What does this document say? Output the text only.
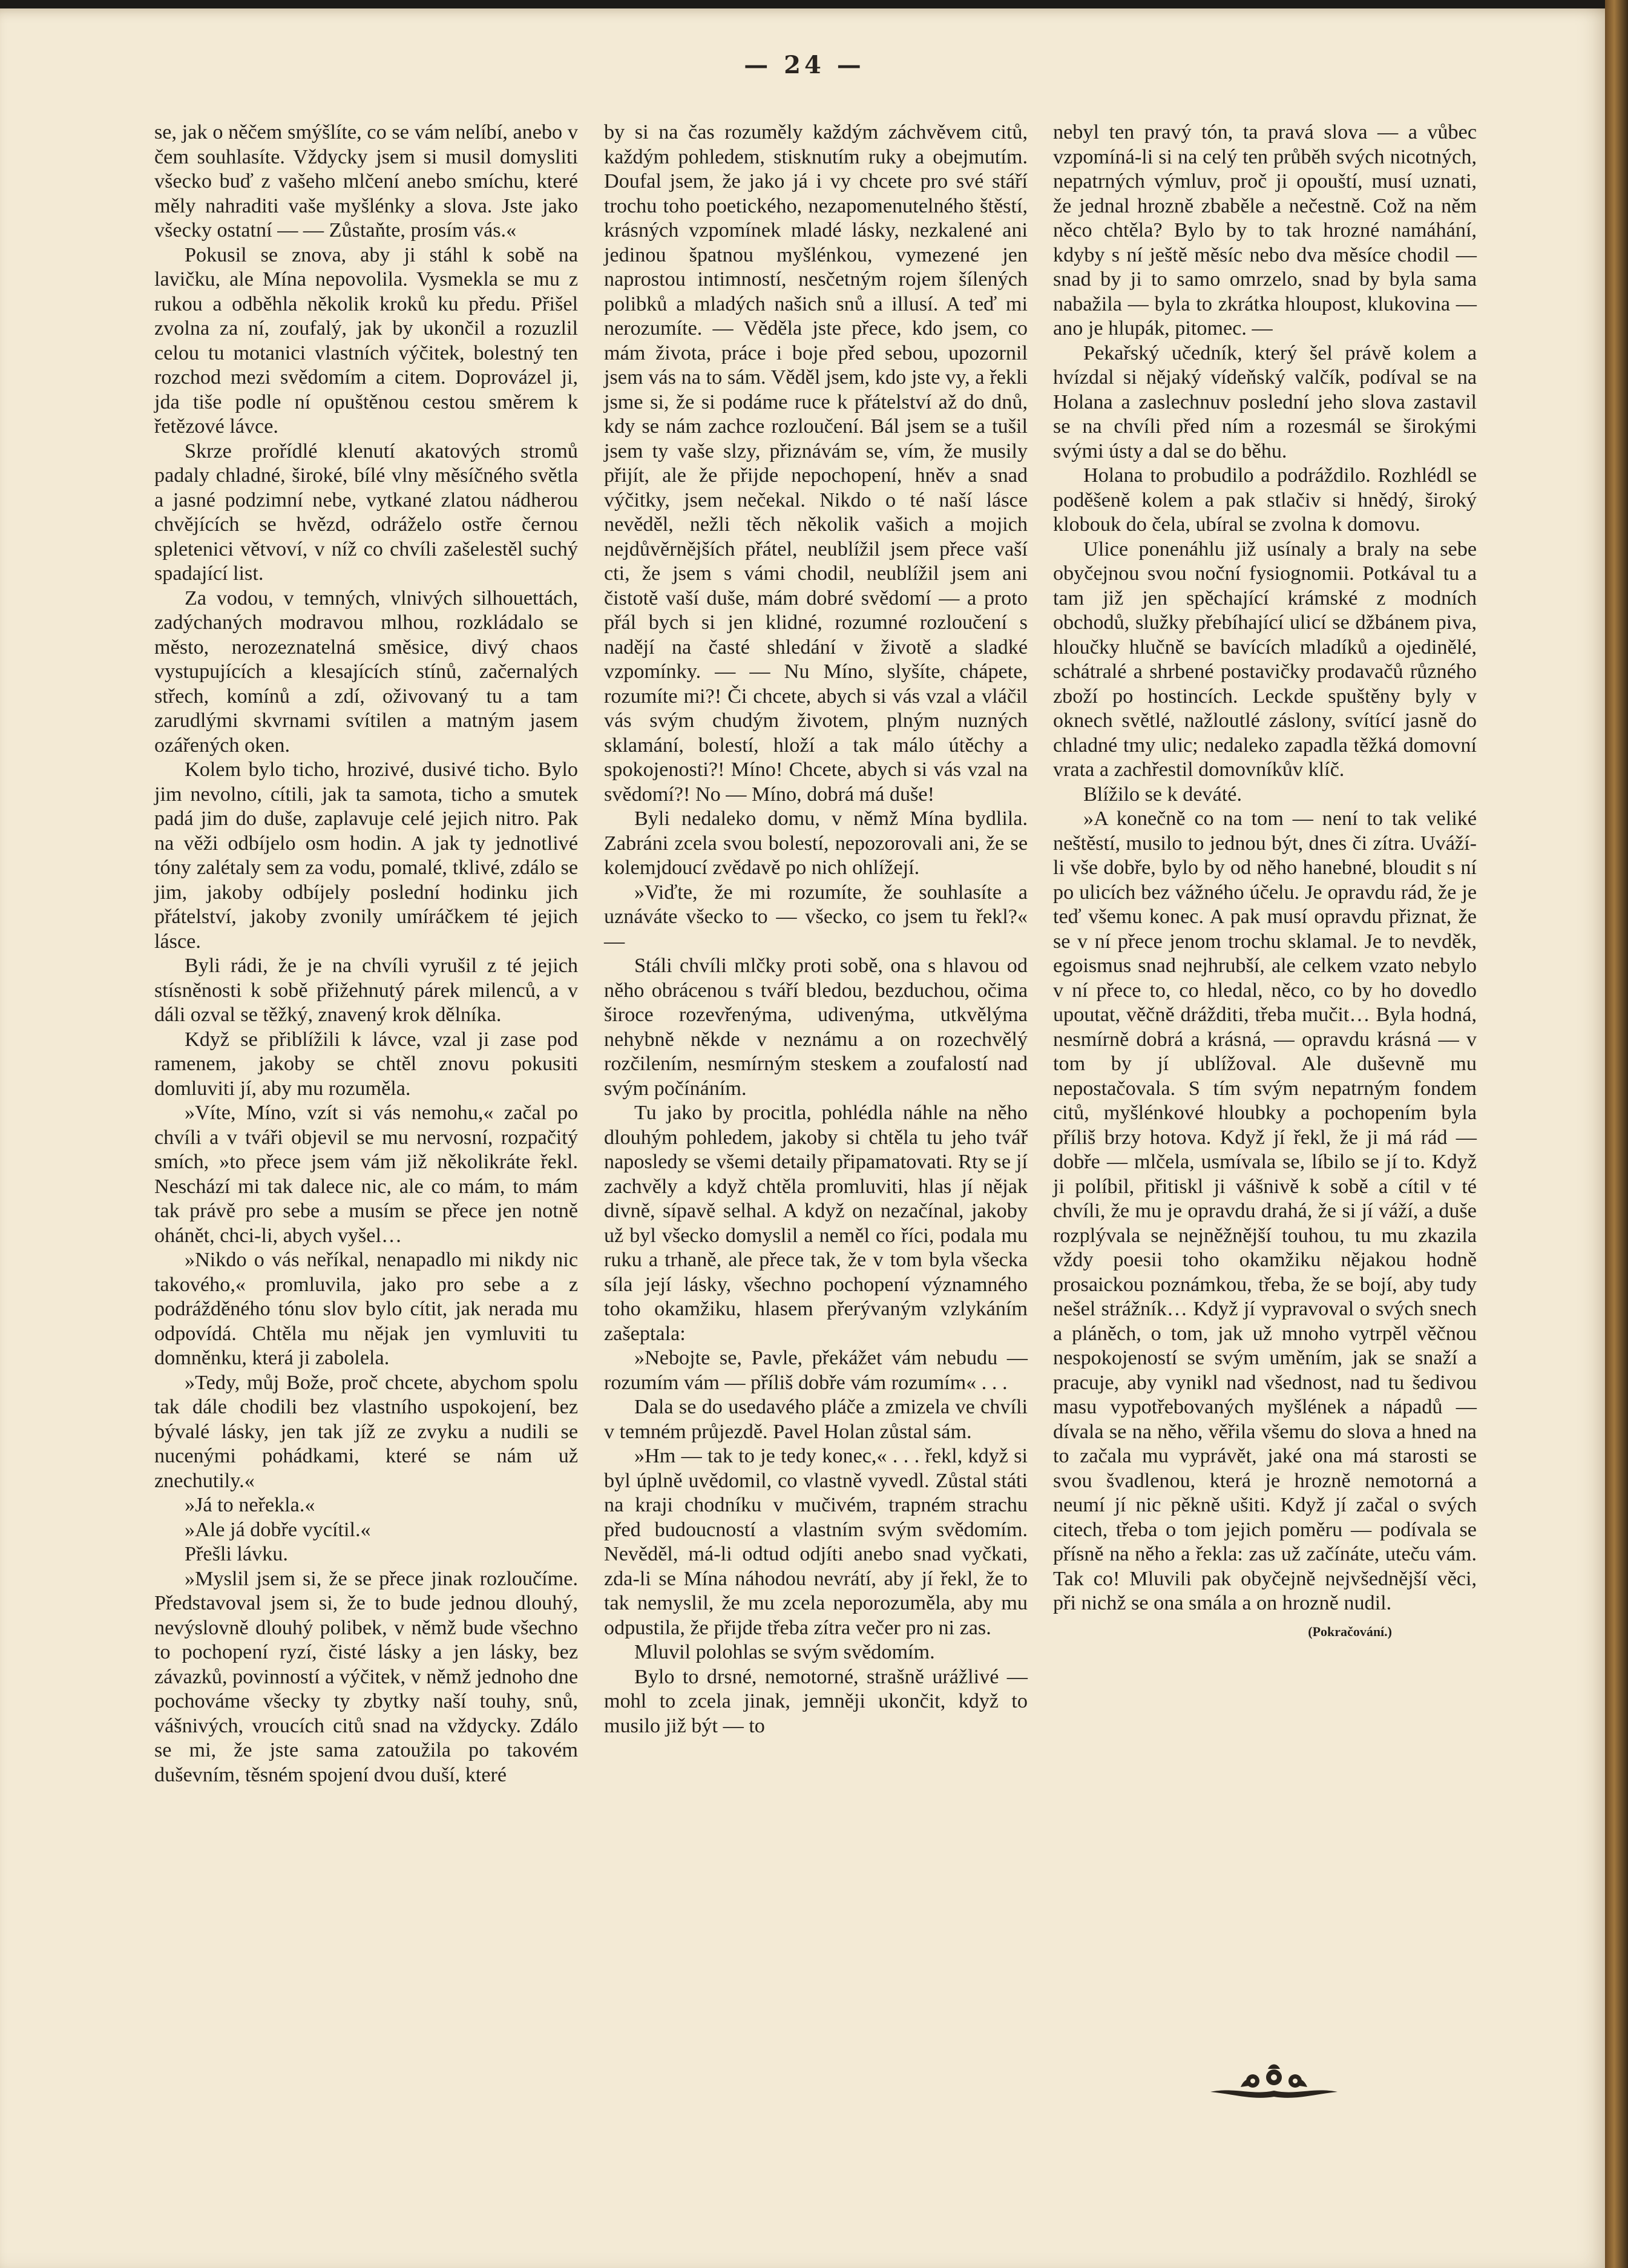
— 24 —

se, jak o něčem smýšlíte, co se vám nelíbí, anebo v čem souhlasíte. Vždycky jsem si musil domysliti všecko buď z vašeho mlčení anebo smíchu, které měly nahraditi vaše myšlénky a slova. Jste jako všecky ostatní — — Zůstaňte, prosím vás.«

Pokusil se znova, aby ji stáhl k sobě na lavičku, ale Mína nepovolila. Vysmekla se mu z rukou a odběhla několik kroků ku předu. Přišel zvolna za ní, zoufalý, jak by ukončil a rozuzlil celou tu motanici vlastních výčitek, bolestný ten rozchod mezi svědomím a citem. Doprovázel ji, jda tiše podle ní opuštěnou cestou směrem k řetězové lávce.

Skrze prořídlé klenutí akatových stromů padaly chladné, široké, bílé vlny měsíčného světla a jasné podzimní nebe, vytkané zlatou nádherou chvějících se hvězd, odráželo ostře černou spletenici větvoví, v níž co chvíli zašelestěl suchý spadající list.

Za vodou, v temných, vlnivých silhouettách, zadýchaných modravou mlhou, rozkládalo se město, nerozeznatelná směsice, divý chaos vystupujících a klesajících stínů, začernalých střech, komínů a zdí, oživovaný tu a tam zarudlými skvrnami svítilen a matným jasem ozářených oken.

Kolem bylo ticho, hrozivé, dusivé ticho. Bylo jim nevolno, cítili, jak ta samota, ticho a smutek padá jim do duše, zaplavuje celé jejich nitro. Pak na věži odbíjelo osm hodin. A jak ty jednotlivé tóny zalétaly sem za vodu, pomalé, tklivé, zdálo se jim, jakoby odbíjely poslední hodinku jich přátelství, jakoby zvonily umíráčkem té jejich lásce.

Byli rádi, že je na chvíli vyrušil z té jejich stísněnosti k sobě přižehnutý párek milenců, a v dáli ozval se těžký, znavený krok dělníka.

Když se přiblížili k lávce, vzal ji zase pod ramenem, jakoby se chtěl znovu pokusiti domluviti jí, aby mu rozuměla.

»Víte, Míno, vzít si vás nemohu,« začal po chvíli a v tváři objevil se mu nervosní, rozpačitý smích, »to přece jsem vám již několikráte řekl. Neschází mi tak dalece nic, ale co mám, to mám tak právě pro sebe a musím se přece jen notně ohánět, chci-li, abych vyšel…

»Nikdo o vás neříkal, nenapadlo mi nikdy nic takového,« promluvila, jako pro sebe a z podrážděného tónu slov bylo cítit, jak nerada mu odpovídá. Chtěla mu nějak jen vymluviti tu domněnku, která ji zabolela.

»Tedy, můj Bože, proč chcete, abychom spolu tak dále chodili bez vlastního uspokojení, bez bývalé lásky, jen tak jíž ze zvyku a nudili se nucenými pohádkami, které se nám už znechutily.«

»Já to neřekla.«

»Ale já dobře vycítil.«

Přešli lávku.

»Myslil jsem si, že se přece jinak rozloučíme. Představoval jsem si, že to bude jednou dlouhý, nevýslovně dlouhý polibek, v němž bude všechno to pochopení ryzí, čisté lásky a jen lásky, bez závazků, povinností a výčitek, v němž jednoho dne pochováme všecky ty zbytky naší touhy, snů, vášnivých, vroucích citů snad na vždycky. Zdálo se mi, že jste sama zatoužila po takovém duševním, těsném spojení dvou duší, které

by si na čas rozuměly každým záchvěvem citů, každým pohledem, stisknutím ruky a obejmutím. Doufal jsem, že jako já i vy chcete pro své stáří trochu toho poetického, nezapomenutelného štěstí, krásných vzpomínek mladé lásky, nezkalené ani jedinou špatnou myšlénkou, vymezené jen naprostou intimností, nesčetným rojem šílených polibků a mladých našich snů a illusí. A teď mi nerozumíte. — Věděla jste přece, kdo jsem, co mám života, práce i boje před sebou, upozornil jsem vás na to sám. Věděl jsem, kdo jste vy, a řekli jsme si, že si podáme ruce k přátelství až do dnů, kdy se nám zachce rozloučení. Bál jsem se a tušil jsem ty vaše slzy, přiznávám se, vím, že musily přijít, ale že přijde nepochopení, hněv a snad výčitky, jsem nečekal. Nikdo o té naší lásce nevěděl, nežli těch několik vašich a mojich nejdůvěrnějších přátel, neublížil jsem přece vaší cti, že jsem s vámi chodil, neublížil jsem ani čistotě vaší duše, mám dobré svědomí — a proto přál bych si jen klidné, rozumné rozloučení s nadějí na časté shledání v životě a sladké vzpomínky. — — Nu Míno, slyšíte, chápete, rozumíte mi?! Či chcete, abych si vás vzal a vláčil vás svým chudým životem, plným nuzných sklamání, bolestí, hloží a tak málo útěchy a spokojenosti?! Míno! Chcete, abych si vás vzal na svědomí?! No — Míno, dobrá má duše!

Byli nedaleko domu, v němž Mína bydlila. Zabráni zcela svou bolestí, nepozorovali ani, že se kolemjdoucí zvědavě po nich ohlížejí.

»Viďte, že mi rozumíte, že souhlasíte a uznáváte všecko to — všecko, co jsem tu řekl?« —

Stáli chvíli mlčky proti sobě, ona s hlavou od něho obrácenou s tváří bledou, bezduchou, očima široce rozevřenýma, udivenýma, utkvělýma nehybně někde v neznámu a on rozechvělý rozčilením, nesmírným steskem a zoufalostí nad svým počínáním.

Tu jako by procitla, pohlédla náhle na něho dlouhým pohledem, jakoby si chtěla tu jeho tvář naposledy se všemi detaily připamatovati. Rty se jí zachvěly a když chtěla promluviti, hlas jí nějak divně, sípavě selhal. A když on nezačínal, jakoby už byl všecko domyslil a neměl co říci, podala mu ruku a trhaně, ale přece tak, že v tom byla všecka síla její lásky, všechno pochopení významného toho okamžiku, hlasem přerývaným vzlykáním zašeptala:

»Nebojte se, Pavle, překážet vám nebudu — rozumím vám — příliš dobře vám rozumím« . . .

Dala se do usedavého pláče a zmizela ve chvíli v temném průjezdě. Pavel Holan zůstal sám.

»Hm — tak to je tedy konec,« . . . řekl, když si byl úplně uvědomil, co vlastně vyvedl. Zůstal státi na kraji chodníku v mučivém, trapném strachu před budoucností a vlastním svým svědomím. Nevěděl, má-li odtud odjíti anebo snad vyčkati, zda-li se Mína náhodou nevrátí, aby jí řekl, že to tak nemyslil, že mu zcela neporozuměla, aby mu odpustila, že přijde třeba zítra večer pro ni zas.

Mluvil polohlas se svým svědomím.

Bylo to drsné, nemotorné, strašně urážlivé — mohl to zcela jinak, jemněji ukončit, když to musilo již být — to

nebyl ten pravý tón, ta pravá slova — a vůbec vzpomíná-li si na celý ten průběh svých nicotných, nepatrných výmluv, proč ji opouští, musí uznati, že jednal hrozně zbaběle a nečestně. Což na něm něco chtěla? Bylo by to tak hrozné namáhání, kdyby s ní ještě měsíc nebo dva měsíce chodil — snad by ji to samo omrzelo, snad by byla sama nabažila — byla to zkrátka hloupost, klukovina — ano je hlupák, pitomec. —

Pekařský učedník, který šel právě kolem a hvízdal si nějaký vídeňský valčík, podíval se na Holana a zaslechnuv poslední jeho slova zastavil se na chvíli před ním a rozesmál se širokými svými ústy a dal se do běhu.

Holana to probudilo a podráždilo. Rozhlédl se poděšeně kolem a pak stlačiv si hnědý, široký klobouk do čela, ubíral se zvolna k domovu.

Ulice ponenáhlu již usínaly a braly na sebe obyčejnou svou noční fysiognomii. Potkával tu a tam již jen spěchající krámské z modních obchodů, služky přebíhající ulicí se džbánem piva, hloučky hlučně se bavících mladíků a ojedinělé, schátralé a shrbené postavičky prodavačů různého zboží po hostincích. Leckde spuštěny byly v oknech světlé, nažloutlé záslony, svítící jasně do chladné tmy ulic; nedaleko zapadla těžká domovní vrata a zachřestil domovníkův klíč.

Blížilo se k deváté.

»A konečně co na tom — není to tak veliké neštěstí, musilo to jednou být, dnes či zítra. Uváží-li vše dobře, bylo by od něho hanebné, bloudit s ní po ulicích bez vážného účelu. Je opravdu rád, že je teď všemu konec. A pak musí opravdu přiznat, že se v ní přece jenom trochu sklamal. Je to nevděk, egoismus snad nejhrubší, ale celkem vzato nebylo v ní přece to, co hledal, něco, co by ho dovedlo upoutat, věčně drážditi, třeba mučit… Byla hodná, nesmírně dobrá a krásná, — opravdu krásná — v tom by jí ublížoval. Ale duševně mu nepostačovala. S tím svým nepatrným fondem citů, myšlénkové hloubky a pochopením byla příliš brzy hotova. Když jí řekl, že ji má rád — dobře — mlčela, usmívala se, líbilo se jí to. Když ji políbil, přitiskl ji vášnivě k sobě a cítil v té chvíli, že mu je opravdu drahá, že si jí váží, a duše rozplývala se nejněžnější touhou, tu mu zkazila vždy poesii toho okamžiku nějakou hodně prosaickou poznámkou, třeba, že se bojí, aby tudy nešel strážník… Když jí vypravoval o svých snech a pláněch, o tom, jak už mnoho vytrpěl věčnou nespokojeností se svým uměním, jak se snaží a pracuje, aby vynikl nad všednost, nad tu šedivou masu vypotřebovaných myšlének a nápadů — dívala se na něho, věřila všemu do slova a hned na to začala mu vyprávět, jaké ona má starosti se svou švadlenou, která je hrozně nemotorná a neumí jí nic pěkně ušiti. Když jí začal o svých citech, třeba o tom jejich poměru — podívala se přísně na něho a řekla: zas už začínáte, uteču vám. Tak co! Mluvili pak obyčejně nejvšednější věci, při nichž se ona smála a on hrozně nudil.

(Pokračování.)
